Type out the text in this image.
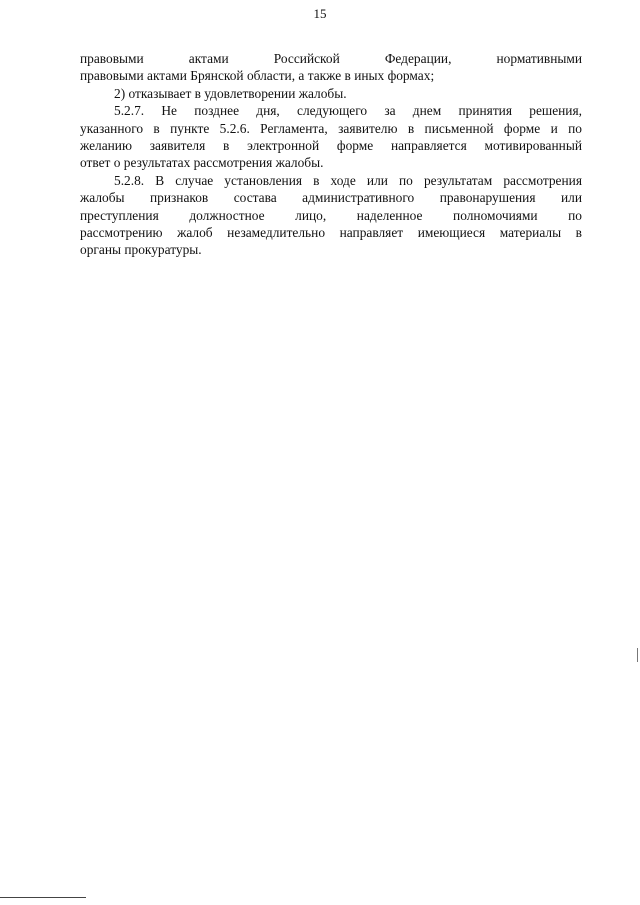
15
правовыми актами Российской Федерации, нормативными
правовыми актами Брянской области, а также в иных формах;
2) отказывает в удовлетворении жалобы.
5.2.7. Не позднее дня, следующего за днем принятия решения,
указанного в пункте 5.2.6. Регламента, заявителю в письменной форме и по
желанию заявителя в электронной форме направляется мотивированный
ответ о результатах рассмотрения жалобы.
5.2.8. В случае установления в ходе или по результатам рассмотрения
жалобы признаков состава административного правонарушения или
преступления должностное лицо, наделенное полномочиями по
рассмотрению жалоб незамедлительно направляет имеющиеся материалы в
органы прокуратуры.
